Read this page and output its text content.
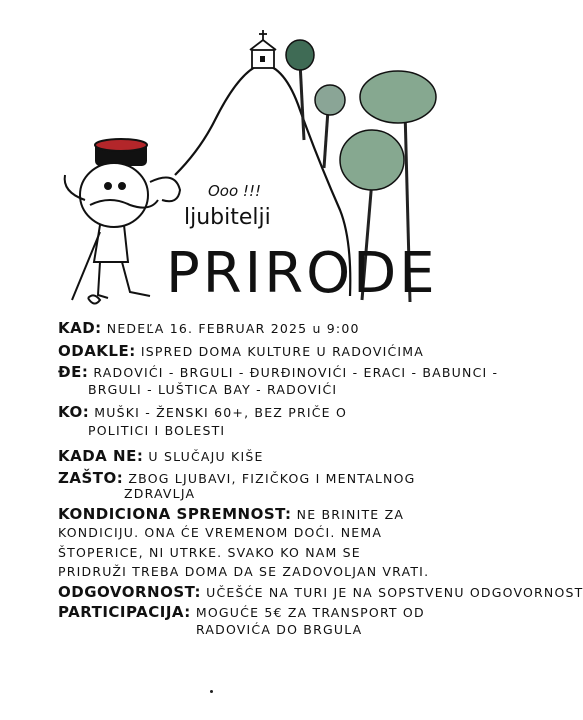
Ooo !!!
ljubitelji
PRIRODE
KAD: NEDEĽA 16. FEBRUAR 2025 u 9:00
ODAKLE: ISPRED DOMA KULTURE U RADOVIĆIMA
ĐE: RADOVIĆI - BRGULI - ĐURĐINOVIĆI - ERACI - BABUNCI -
BRGULI - LUŠTICA BAY - RADOVIĆI
KO: MUŠKI - ŽENSKI 60+, BEZ PRIČE O
POLITICI I BOLESTI
KADA NE: U SLUČAJU KIŠE
ZAŠTO: ZBOG LJUBAVI, FIZIČKOG I MENTALNOG
ZDRAVLJA
KONDICIONA SPREMNOST: NE BRINITE ZA
KONDICIJU. ONA ĆE VREMENOM DOĆI. NEMA
ŠTOPERICE, NI UTRKE. SVAKO KO NAM SE
PRIDRUŽI TREBA DOMA DA SE ZADOVOLJAN VRATI.
ODGOVORNOST: UČEŠĆE NA TURI JE NA SOPSTVENU ODGOVORNOST
PARTICIPACIJA: MOGUĆE 5€ ZA TRANSPORT OD
RADOVIĆA DO BRGULA
